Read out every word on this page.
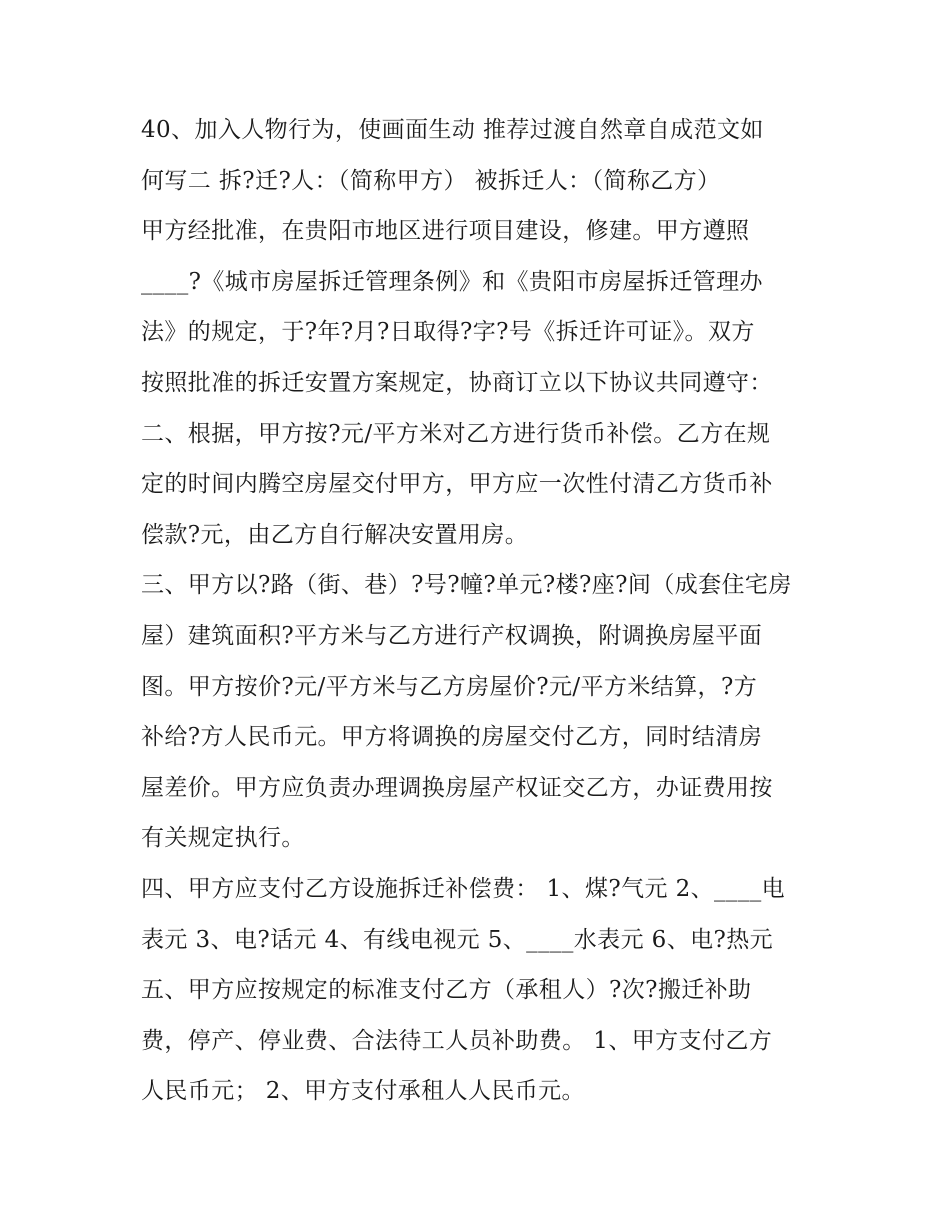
40、加入人物行为，使画面生动 推荐过渡自然章自成范文如
何写二 拆?迁?人：（简称甲方） 被拆迁人：（简称乙方）
甲方经批准，在贵阳市地区进行项目建设，修建。甲方遵照
____?《城市房屋拆迁管理条例》和《贵阳市房屋拆迁管理办
法》的规定，于?年?月?日取得?字?号《拆迁许可证》。双方
按照批准的拆迁安置方案规定，协商订立以下协议共同遵守：
二、根据，甲方按?元/平方米对乙方进行货币补偿。乙方在规
定的时间内腾空房屋交付甲方，甲方应一次性付清乙方货币补
偿款?元，由乙方自行解决安置用房。
三、甲方以?路（街、巷）?号?幢?单元?楼?座?间（成套住宅房
屋）建筑面积?平方米与乙方进行产权调换，附调换房屋平面
图。甲方按价?元/平方米与乙方房屋价?元/平方米结算，?方
补给?方人民币元。甲方将调换的房屋交付乙方，同时结清房
屋差价。甲方应负责办理调换房屋产权证交乙方，办证费用按
有关规定执行。
四、甲方应支付乙方设施拆迁补偿费： 1、煤?气元 2、____电
表元 3、电?话元 4、有线电视元 5、____水表元 6、电?热元
五、甲方应按规定的标准支付乙方（承租人）?次?搬迁补助
费，停产、停业费、合法待工人员补助费。 1、甲方支付乙方
人民币元； 2、甲方支付承租人人民币元。
